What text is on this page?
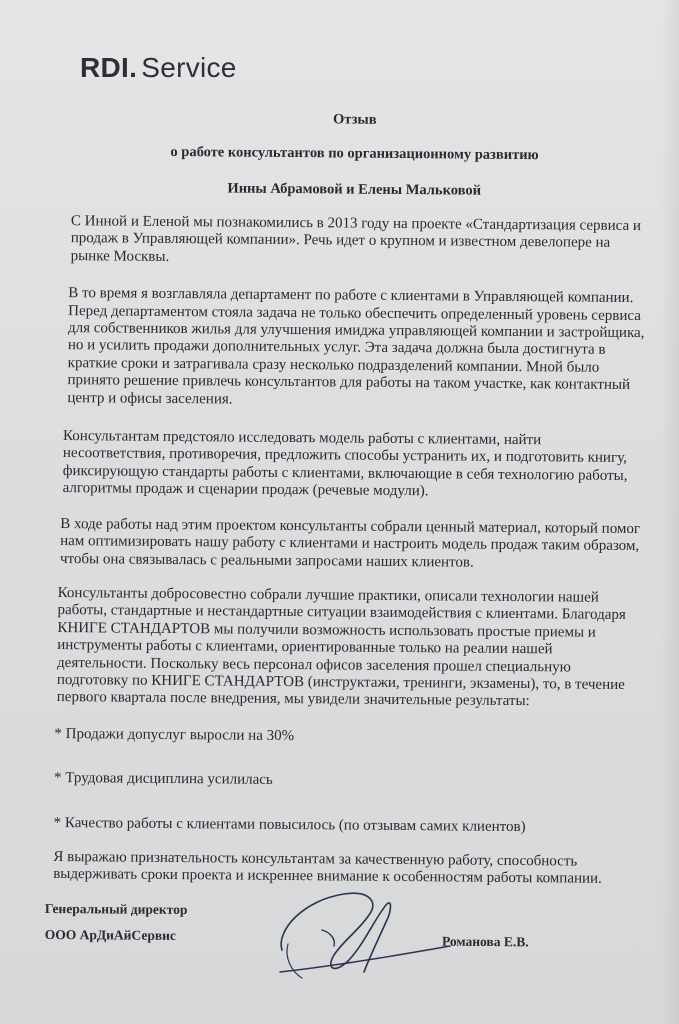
RDI. Service
Отзыв
о работе консультантов по организационному развитию
Инны Абрамовой и Елены Мальковой

С Инной и Еленой мы познакомились в 2013 году на проекте «Стандартизация сервиса и продаж в Управляющей компании». Речь идет о крупном и известном девелопере на рынке Москвы.

В то время я возглавляла департамент по работе с клиентами в Управляющей компании. Перед департаментом стояла задача не только обеспечить определенный уровень сервиса для собственников жилья для улучшения имиджа управляющей компании и застройщика, но и усилить продажи дополнительных услуг. Эта задача должна была достигнута в краткие сроки и затрагивала сразу несколько подразделений компании. Мной было принято решение привлечь консультантов для работы на таком участке, как контактный центр и офисы заселения.

Консультантам предстояло исследовать модель работы с клиентами, найти несоответствия, противоречия, предложить способы устранить их, и подготовить книгу, фиксирующую стандарты работы с клиентами, включающие в себя технологию работы, алгоритмы продаж и сценарии продаж (речевые модули).

В ходе работы над этим проектом консультанты собрали ценный материал, который помог нам оптимизировать нашу работу с клиентами и настроить модель продаж таким образом, чтобы она связывалась с реальными запросами наших клиентов.

Консультанты добросовестно собрали лучшие практики, описали технологии нашей работы, стандартные и нестандартные ситуации взаимодействия с клиентами. Благодаря КНИГЕ СТАНДАРТОВ мы получили возможность использовать простые приемы и инструменты работы с клиентами, ориентированные только на реалии нашей деятельности. Поскольку весь персонал офисов заселения прошел специальную подготовку по КНИГЕ СТАНДАРТОВ (инструктажи, тренинги, экзамены), то, в течение первого квартала после внедрения, мы увидели значительные результаты:

* Продажи допуслуг выросли на 30%

* Трудовая дисциплина усилилась

* Качество работы с клиентами повысилось (по отзывам самих клиентов)

Я выражаю признательность консультантам за качественную работу, способность выдерживать сроки проекта и искреннее внимание к особенностям работы компании.

Генеральный директор
ООО АрДиАйСервис	Романова Е.В.
